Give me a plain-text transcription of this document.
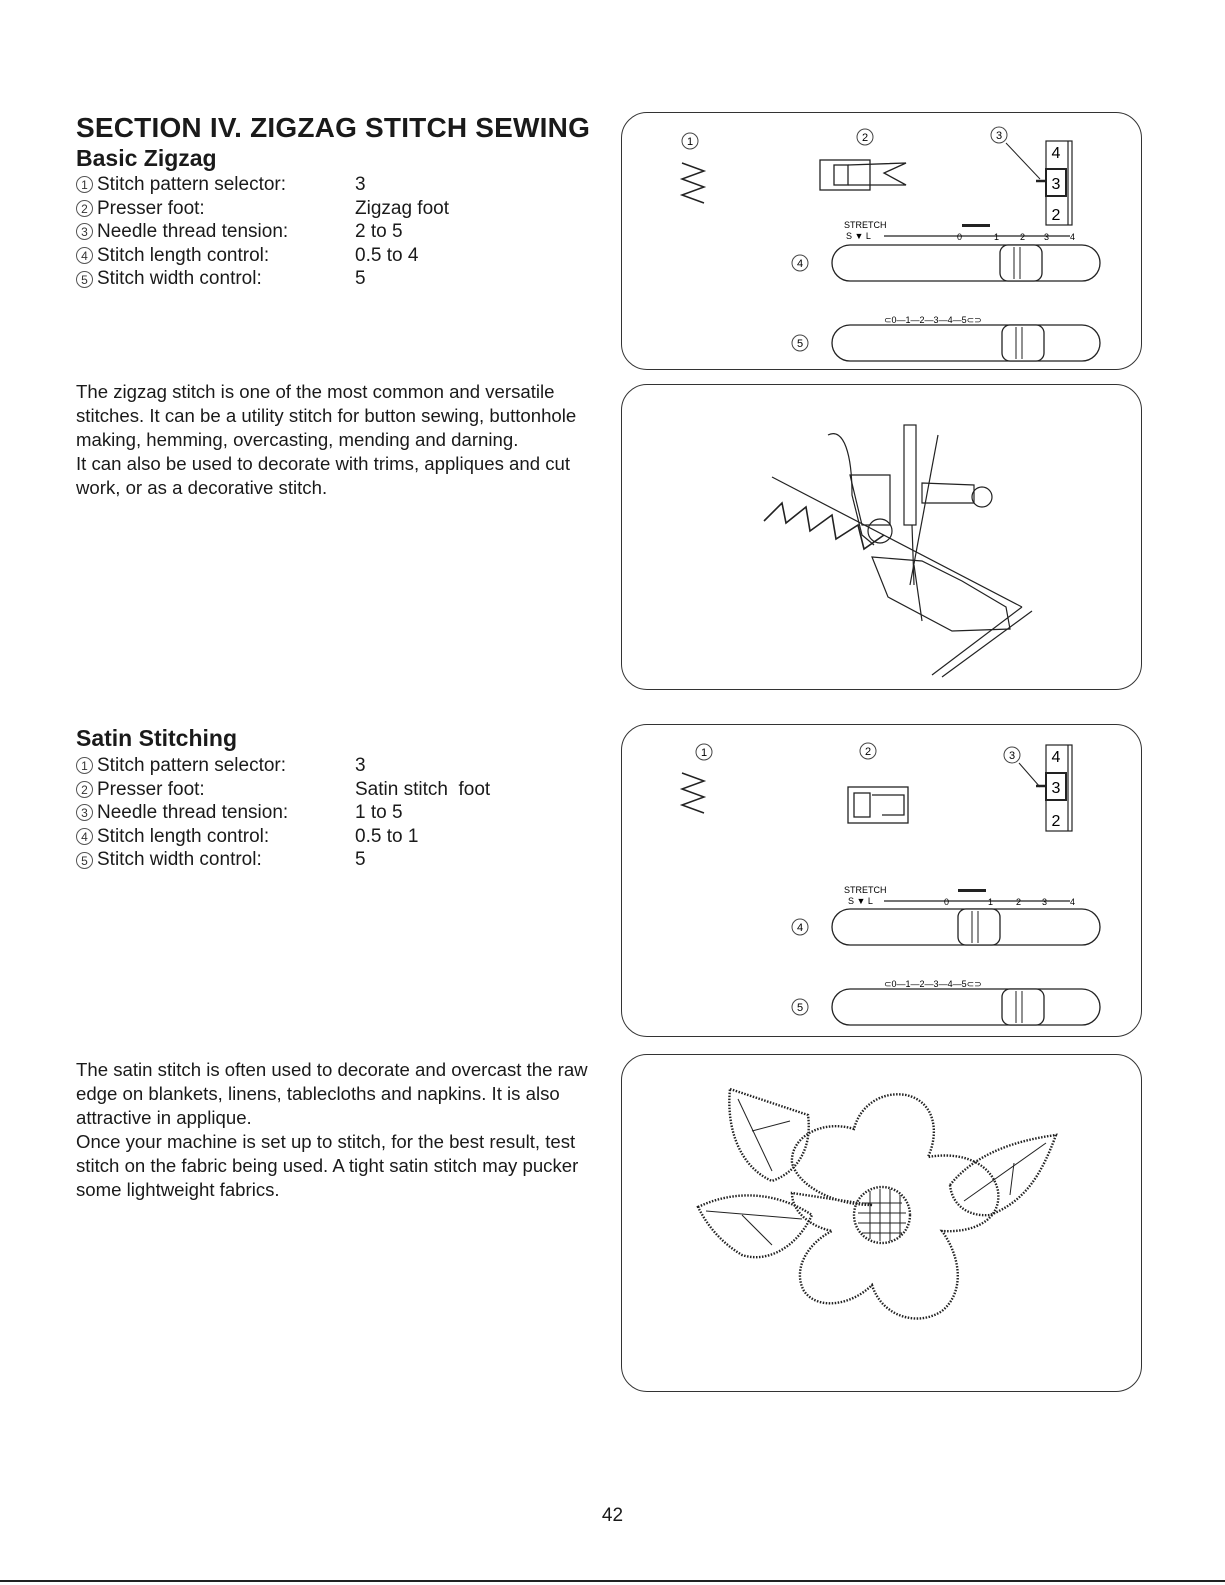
SECTION IV. ZIGZAG STITCH SEWING
Basic Zigzag
1 Stitch pattern selector:	3
2 Presser foot:	Zigzag foot
3 Needle thread tension:	2 to 5
4 Stitch length control:	0.5 to 4
5 Stitch width control:	5

The zigzag stitch is one of the most common and versatile stitches. It can be a utility stitch for button sewing, buttonhole making, hemming, overcasting, mending and darning.

It can also be used to decorate with trims, appliques and cut work, or as a decorative stitch.

Satin Stitching
1 Stitch pattern selector:	3
2 Presser foot:	Satin stitch  foot
3 Needle thread tension:	1 to 5
4 Stitch length control:	0.5 to 1
5 Stitch width control:	5

The satin stitch is often used to decorate and overcast the raw edge on blankets, linens, tablecloths and napkins. It is also attractive in applique.

Once your machine is set up to stitch, for the best result, test stitch on the fabric being used. A tight satin stitch may pucker some lightweight fabrics.

1	2	3
4
3
2
STRETCH
S ▼ L	0	1 2 3 4
4
⊂0—1—2—3—4—5⊂⊃
5
1	2	3 4
3
2
STRETCH
S ▼ L	0	1	2 3	4
4
⊂0—1—2—3—4—5⊂⊃
5
42
